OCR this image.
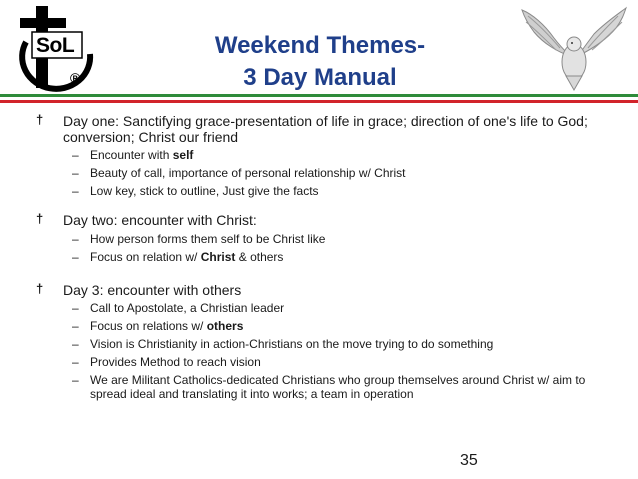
SoL
®
Weekend Themes-
3 Day Manual
† Day one: Sanctifying grace-presentation of life in grace; direction of one's life to God; conversion; Christ our friend
– Encounter with self
– Beauty of call, importance of personal relationship w/ Christ
– Low key, stick to outline, Just give the facts
† Day two: encounter with Christ:
– How person forms them self to be Christ like
– Focus on relation w/ Christ & others
† Day 3: encounter with others
– Call to Apostolate, a Christian leader
– Focus on relations w/ others
– Vision is Christianity in action-Christians on the move trying to do something
– Provides Method to reach vision
– We are Militant Catholics-dedicated Christians who group themselves around Christ w/ aim to spread ideal and translating it into works; a team in operation
35
